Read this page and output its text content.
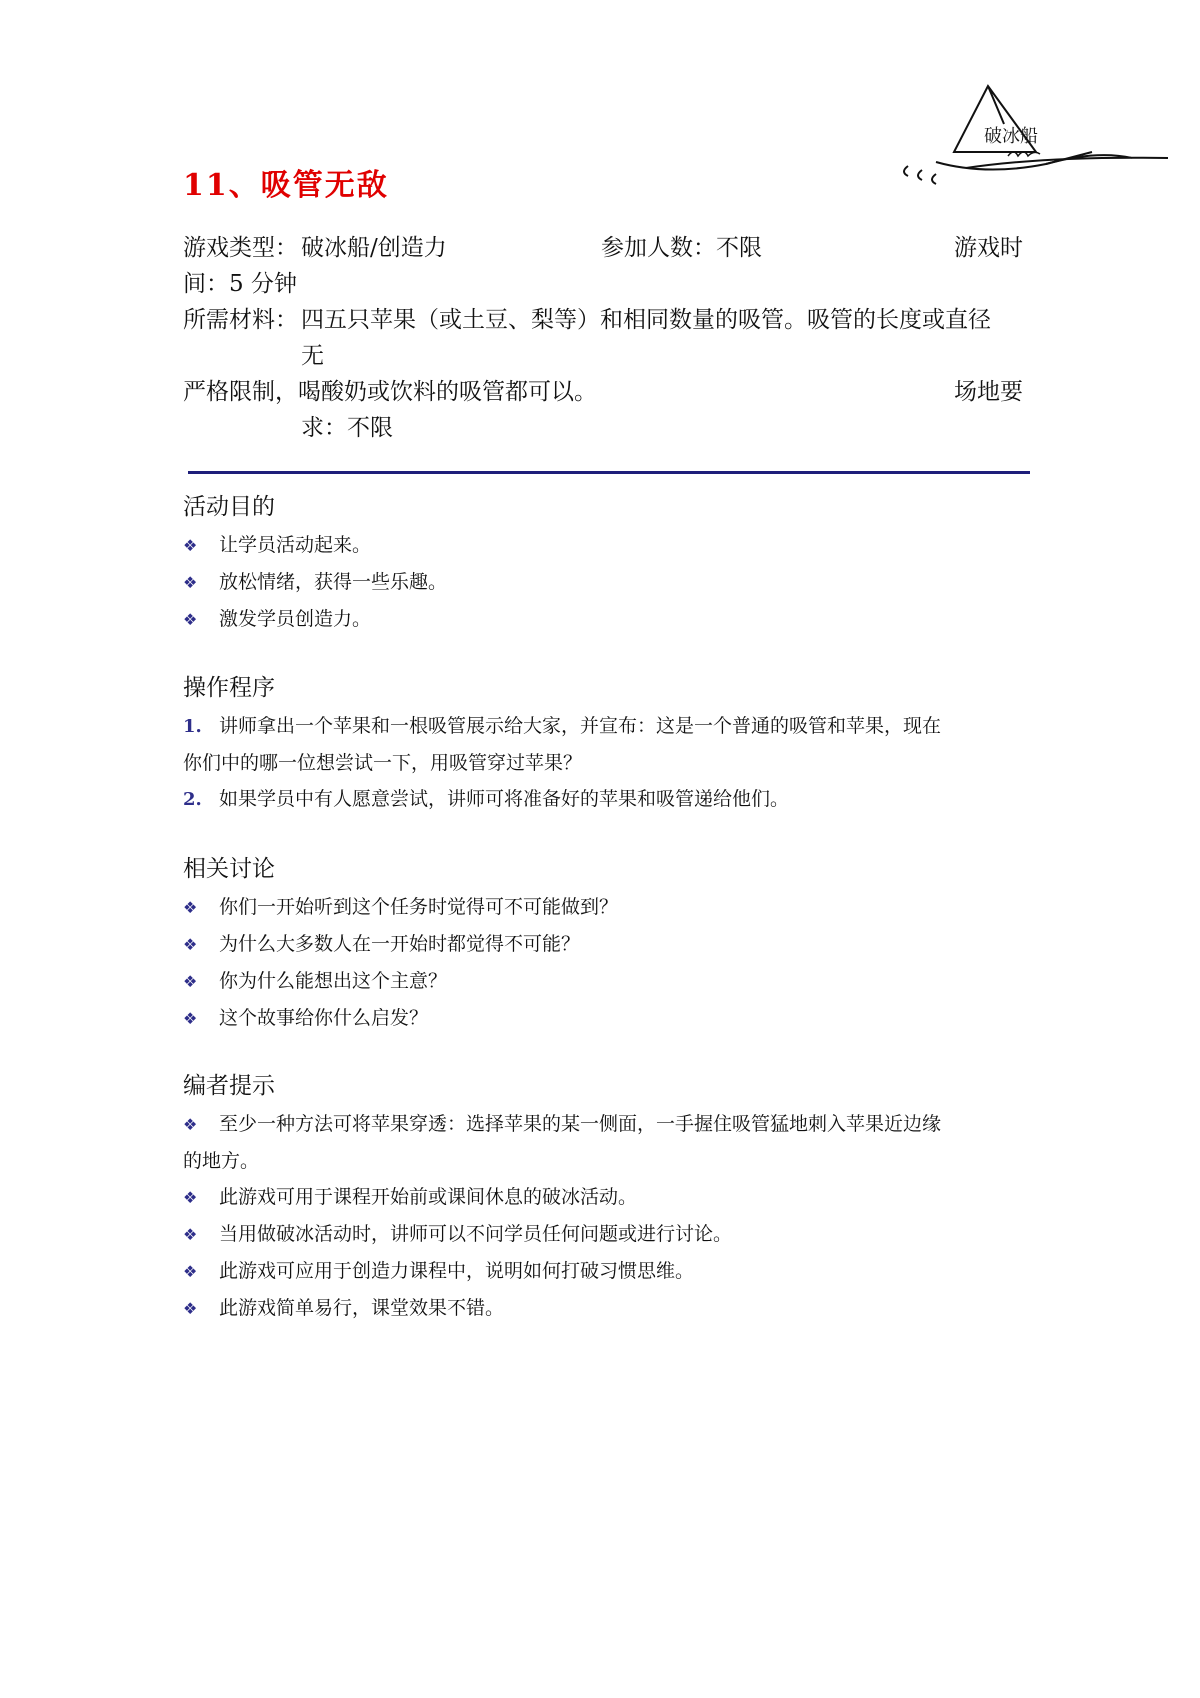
破冰船
11、吸管无敌
游戏类型： 破冰船/创造力	参加人数：不限	游戏时
间：5 分钟
所需材料： 四五只苹果（或土豆、梨等）和相同数量的吸管。吸管的长度或直径
无
严格限制，喝酸奶或饮料的吸管都可以。	场地要
求：不限
活动目的

❖ 让学员活动起来。

❖ 放松情绪，获得一些乐趣。

❖ 激发学员创造力。

操作程序

1. 讲师拿出一个苹果和一根吸管展示给大家，并宣布：这是一个普通的吸管和苹果，现在

你们中的哪一位想尝试一下，用吸管穿过苹果？

2. 如果学员中有人愿意尝试，讲师可将准备好的苹果和吸管递给他们。

相关讨论

❖ 你们一开始听到这个任务时觉得可不可能做到？

❖ 为什么大多数人在一开始时都觉得不可能？

❖ 你为什么能想出这个主意？

❖ 这个故事给你什么启发？

编者提示

❖ 至少一种方法可将苹果穿透：选择苹果的某一侧面，一手握住吸管猛地刺入苹果近边缘

的地方。

❖ 此游戏可用于课程开始前或课间休息的破冰活动。

❖ 当用做破冰活动时，讲师可以不问学员任何问题或进行讨论。

❖ 此游戏可应用于创造力课程中，说明如何打破习惯思维。

❖ 此游戏简单易行，课堂效果不错。
